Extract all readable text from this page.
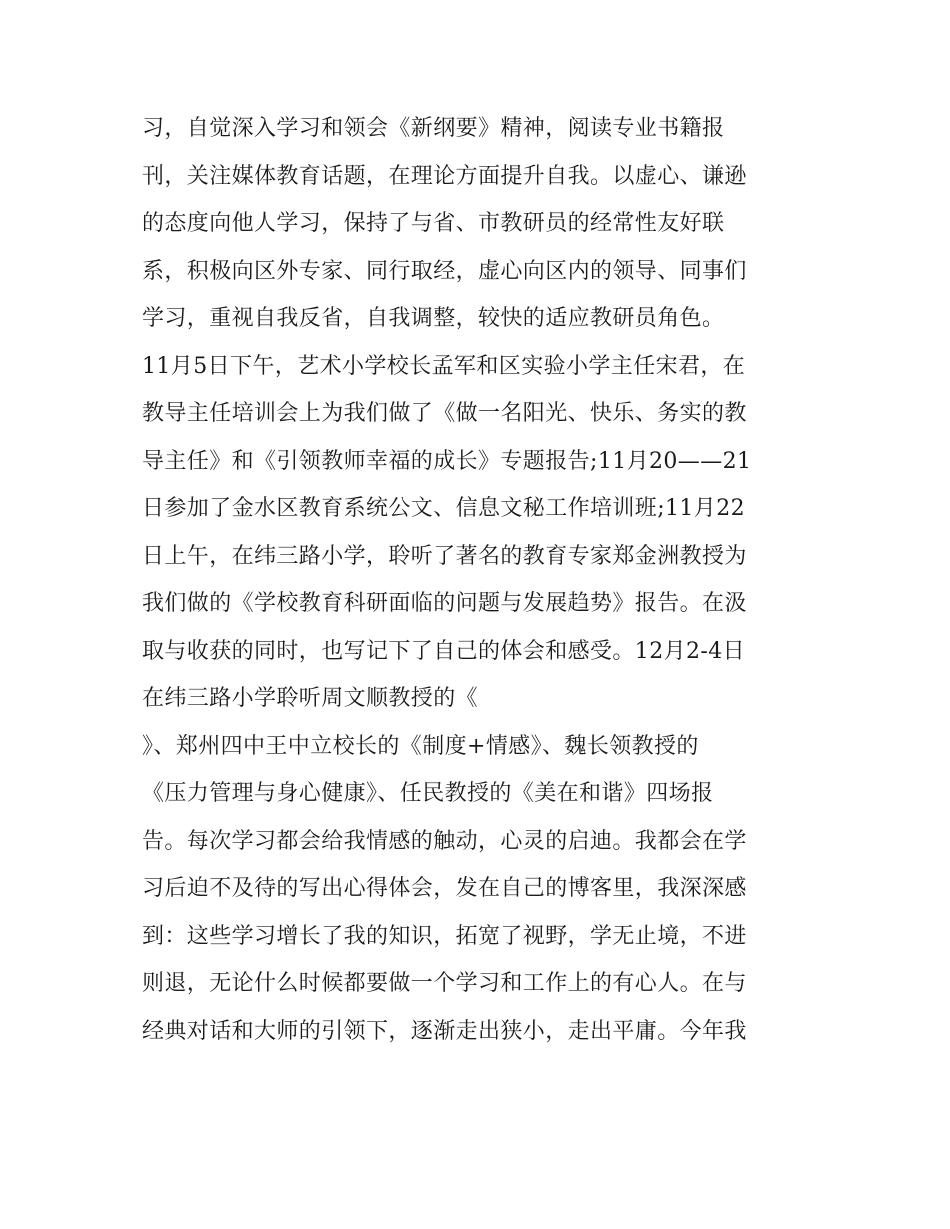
习，自觉深入学习和领会《新纲要》精神，阅读专业书籍报
刊，关注媒体教育话题，在理论方面提升自我。以虚心、谦逊
的态度向他人学习，保持了与省、市教研员的经常性友好联
系，积极向区外专家、同行取经，虚心向区内的领导、同事们
学习，重视自我反省，自我调整，较快的适应教研员角色。
11月5日下午，艺术小学校长孟军和区实验小学主任宋君，在
教导主任培训会上为我们做了《做一名阳光、快乐、务实的教
导主任》和《引领教师幸福的成长》专题报告;11月20——21
日参加了金水区教育系统公文、信息文秘工作培训班;11月22
日上午，在纬三路小学，聆听了著名的教育专家郑金洲教授为
我们做的《学校教育科研面临的问题与发展趋势》报告。在汲
取与收获的同时，也写记下了自己的体会和感受。12月2-4日
在纬三路小学聆听周文顺教授的《
》、郑州四中王中立校长的《制度+情感》、魏长领教授的
《压力管理与身心健康》、任民教授的《美在和谐》四场报
告。每次学习都会给我情感的触动，心灵的启迪。我都会在学
习后迫不及待的写出心得体会，发在自己的博客里，我深深感
到：这些学习增长了我的知识，拓宽了视野，学无止境，不进
则退，无论什么时候都要做一个学习和工作上的有心人。在与
经典对话和大师的引领下，逐渐走出狭小，走出平庸。今年我
